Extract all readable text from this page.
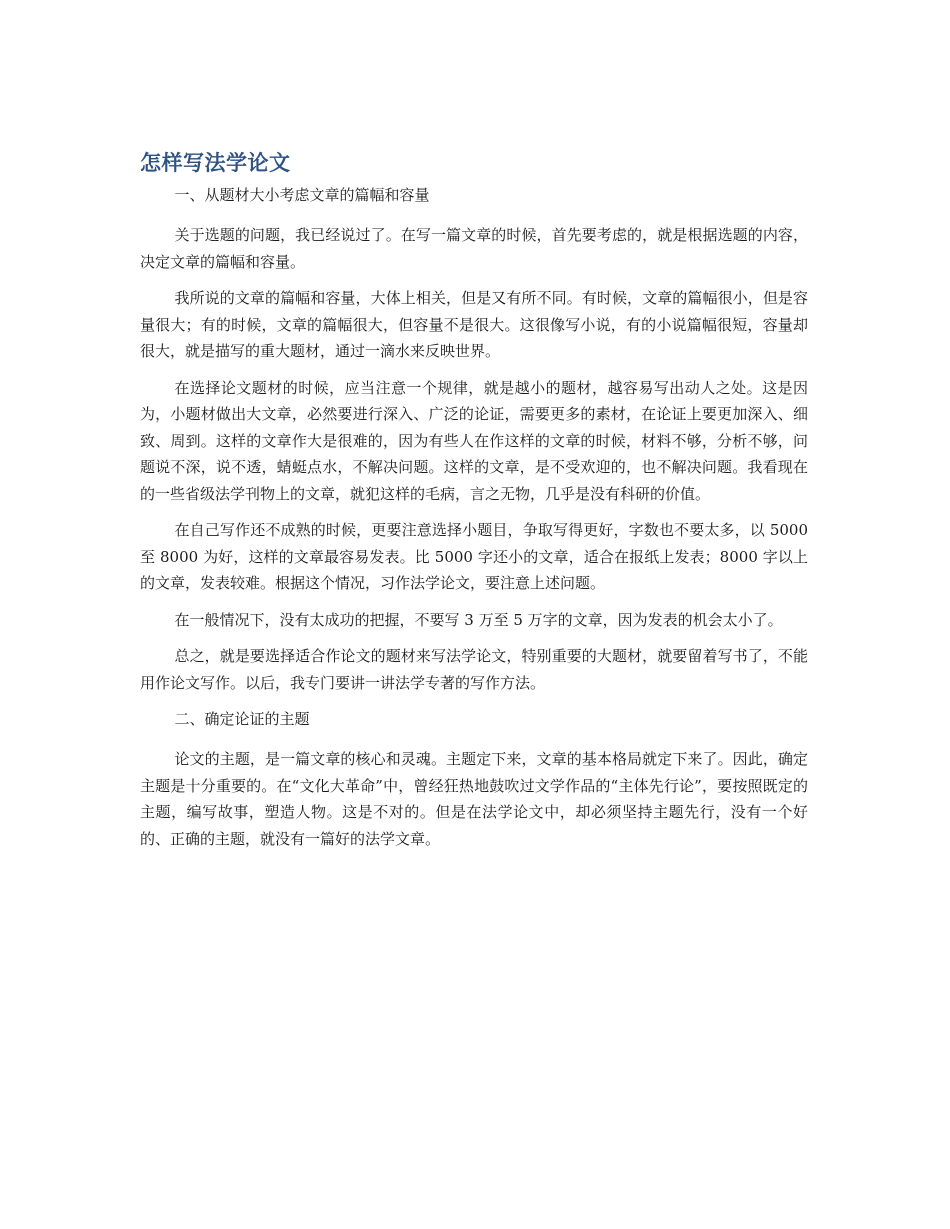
怎样写法学论文

一、从题材大小考虑文章的篇幅和容量

关于选题的问题，我已经说过了。在写一篇文章的时候，首先要考虑的，就是根据选题的内容，决定文章的篇幅和容量。

我所说的文章的篇幅和容量，大体上相关，但是又有所不同。有时候，文章的篇幅很小，但是容量很大；有的时候，文章的篇幅很大，但容量不是很大。这很像写小说，有的小说篇幅很短，容量却很大，就是描写的重大题材，通过一滴水来反映世界。

在选择论文题材的时候，应当注意一个规律，就是越小的题材，越容易写出动人之处。这是因为，小题材做出大文章，必然要进行深入、广泛的论证，需要更多的素材，在论证上要更加深入、细致、周到。这样的文章作大是很难的，因为有些人在作这样的文章的时候，材料不够，分析不够，问题说不深，说不透，蜻蜓点水，不解决问题。这样的文章，是不受欢迎的，也不解决问题。我看现在的一些省级法学刊物上的文章，就犯这样的毛病，言之无物，几乎是没有科研的价值。

在自己写作还不成熟的时候，更要注意选择小题目，争取写得更好，字数也不要太多，以 5000 至 8000 为好，这样的文章最容易发表。比 5000 字还小的文章，适合在报纸上发表；8000 字以上的文章，发表较难。根据这个情况，习作法学论文，要注意上述问题。

在一般情况下，没有太成功的把握，不要写 3 万至 5 万字的文章，因为发表的机会太小了。

总之，就是要选择适合作论文的题材来写法学论文，特别重要的大题材，就要留着写书了，不能用作论文写作。以后，我专门要讲一讲法学专著的写作方法。

二、确定论证的主题

论文的主题，是一篇文章的核心和灵魂。主题定下来，文章的基本格局就定下来了。因此，确定主题是十分重要的。在“文化大革命”中，曾经狂热地鼓吹过文学作品的“主体先行论”，要按照既定的主题，编写故事，塑造人物。这是不对的。但是在法学论文中，却必须坚持主题先行，没有一个好的、正确的主题，就没有一篇好的法学文章。
